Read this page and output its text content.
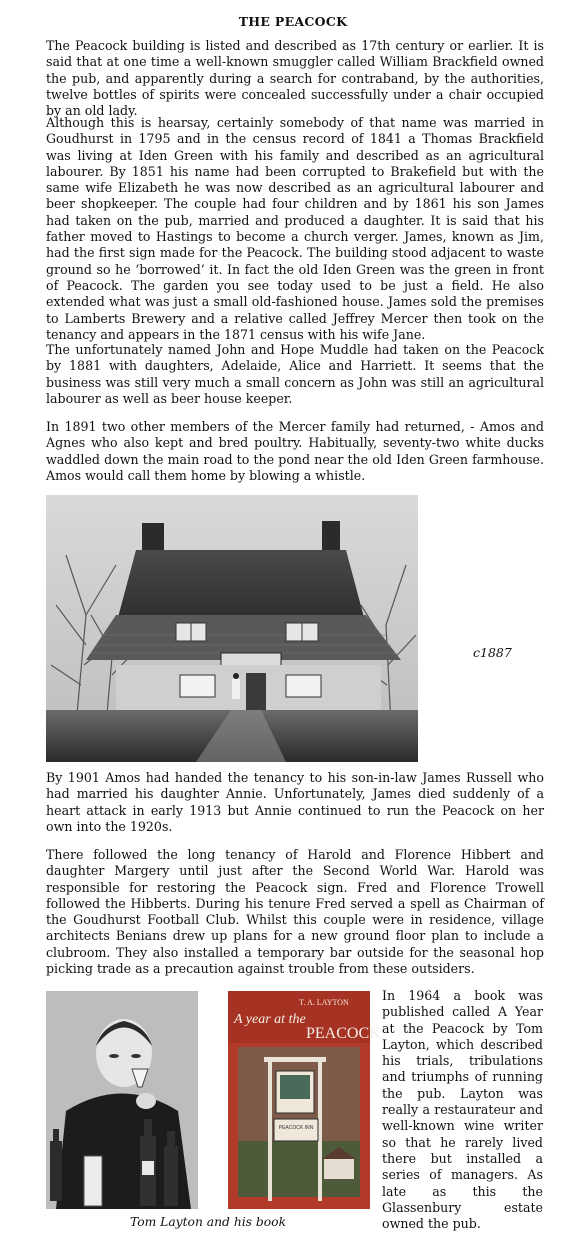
THE PEACOCK

The Peacock building is listed and described as 17th century or earlier. It is said that at one time a well-known smuggler called William Brackfield owned the pub, and apparently during a search for contraband, by the authorities, twelve bottles of spirits were concealed successfully under a chair occupied by an old lady.

Although this is hearsay, certainly somebody of that name was married in Goudhurst in 1795 and in the census record of 1841 a Thomas Brackfield was living at Iden Green with his family and described as an agricultural labourer. By 1851 his name had been corrupted to Brakefield but with the same wife Elizabeth he was now described as an agricultural labourer and beer shopkeeper. The couple had four children and by 1861 his son James had taken on the pub, married and produced a daughter. It is said that his father moved to Hastings to become a church verger. James, known as Jim, had the first sign made for the Peacock. The building stood adjacent to waste ground so he ‘borrowed’ it. In fact the old Iden Green was the green in front of Peacock. The garden you see today used to be just a field. He also extended what was just a small old-fashioned house. James sold the premises to Lamberts Brewery and a relative called Jeffrey Mercer then took on the tenancy and appears in the 1871 census with his wife Jane.

The unfortunately named John and Hope Muddle had taken on the Peacock by 1881 with daughters, Adelaide, Alice and Harriett. It seems that the business was still very much a small concern as John was still an agricultural labourer as well as beer house keeper.

In 1891 two other members of the Mercer family had returned, - Amos and Agnes who also kept and bred poultry. Habitually, seventy-two white ducks waddled down the main road to the pond near the old Iden Green farmhouse. Amos would call them home by blowing a whistle.

c1887

By 1901 Amos had handed the tenancy to his son-in-law James Russell who had married his daughter Annie. Unfortunately, James died suddenly of a heart attack in early 1913 but Annie continued to run the Peacock on her own into the 1920s.

There followed the long tenancy of Harold and Florence Hibbert and daughter Margery until just after the Second World War. Harold was responsible for restoring the Peacock sign. Fred and Florence Trowell followed the Hibberts. During his tenure Fred served a spell as Chairman of the Goudhurst Football Club. Whilst this couple were in residence, village architects Benians drew up plans for a new ground floor plan to include a clubroom. They also installed a temporary bar outside for the seasonal hop picking trade as a precaution against trouble from these outsiders.

T. A. LAYTON
A year at the
PEACOCK
PEACOCK INN
Tom Layton and his book

In 1964 a book was published called A Year at the Peacock by Tom Layton, which described his trials, tribulations and triumphs of running the pub. Layton was really a restaurateur and well-known wine writer so that he rarely lived there but installed a series of managers. As late as this the Glassenbury estate owned the pub.
